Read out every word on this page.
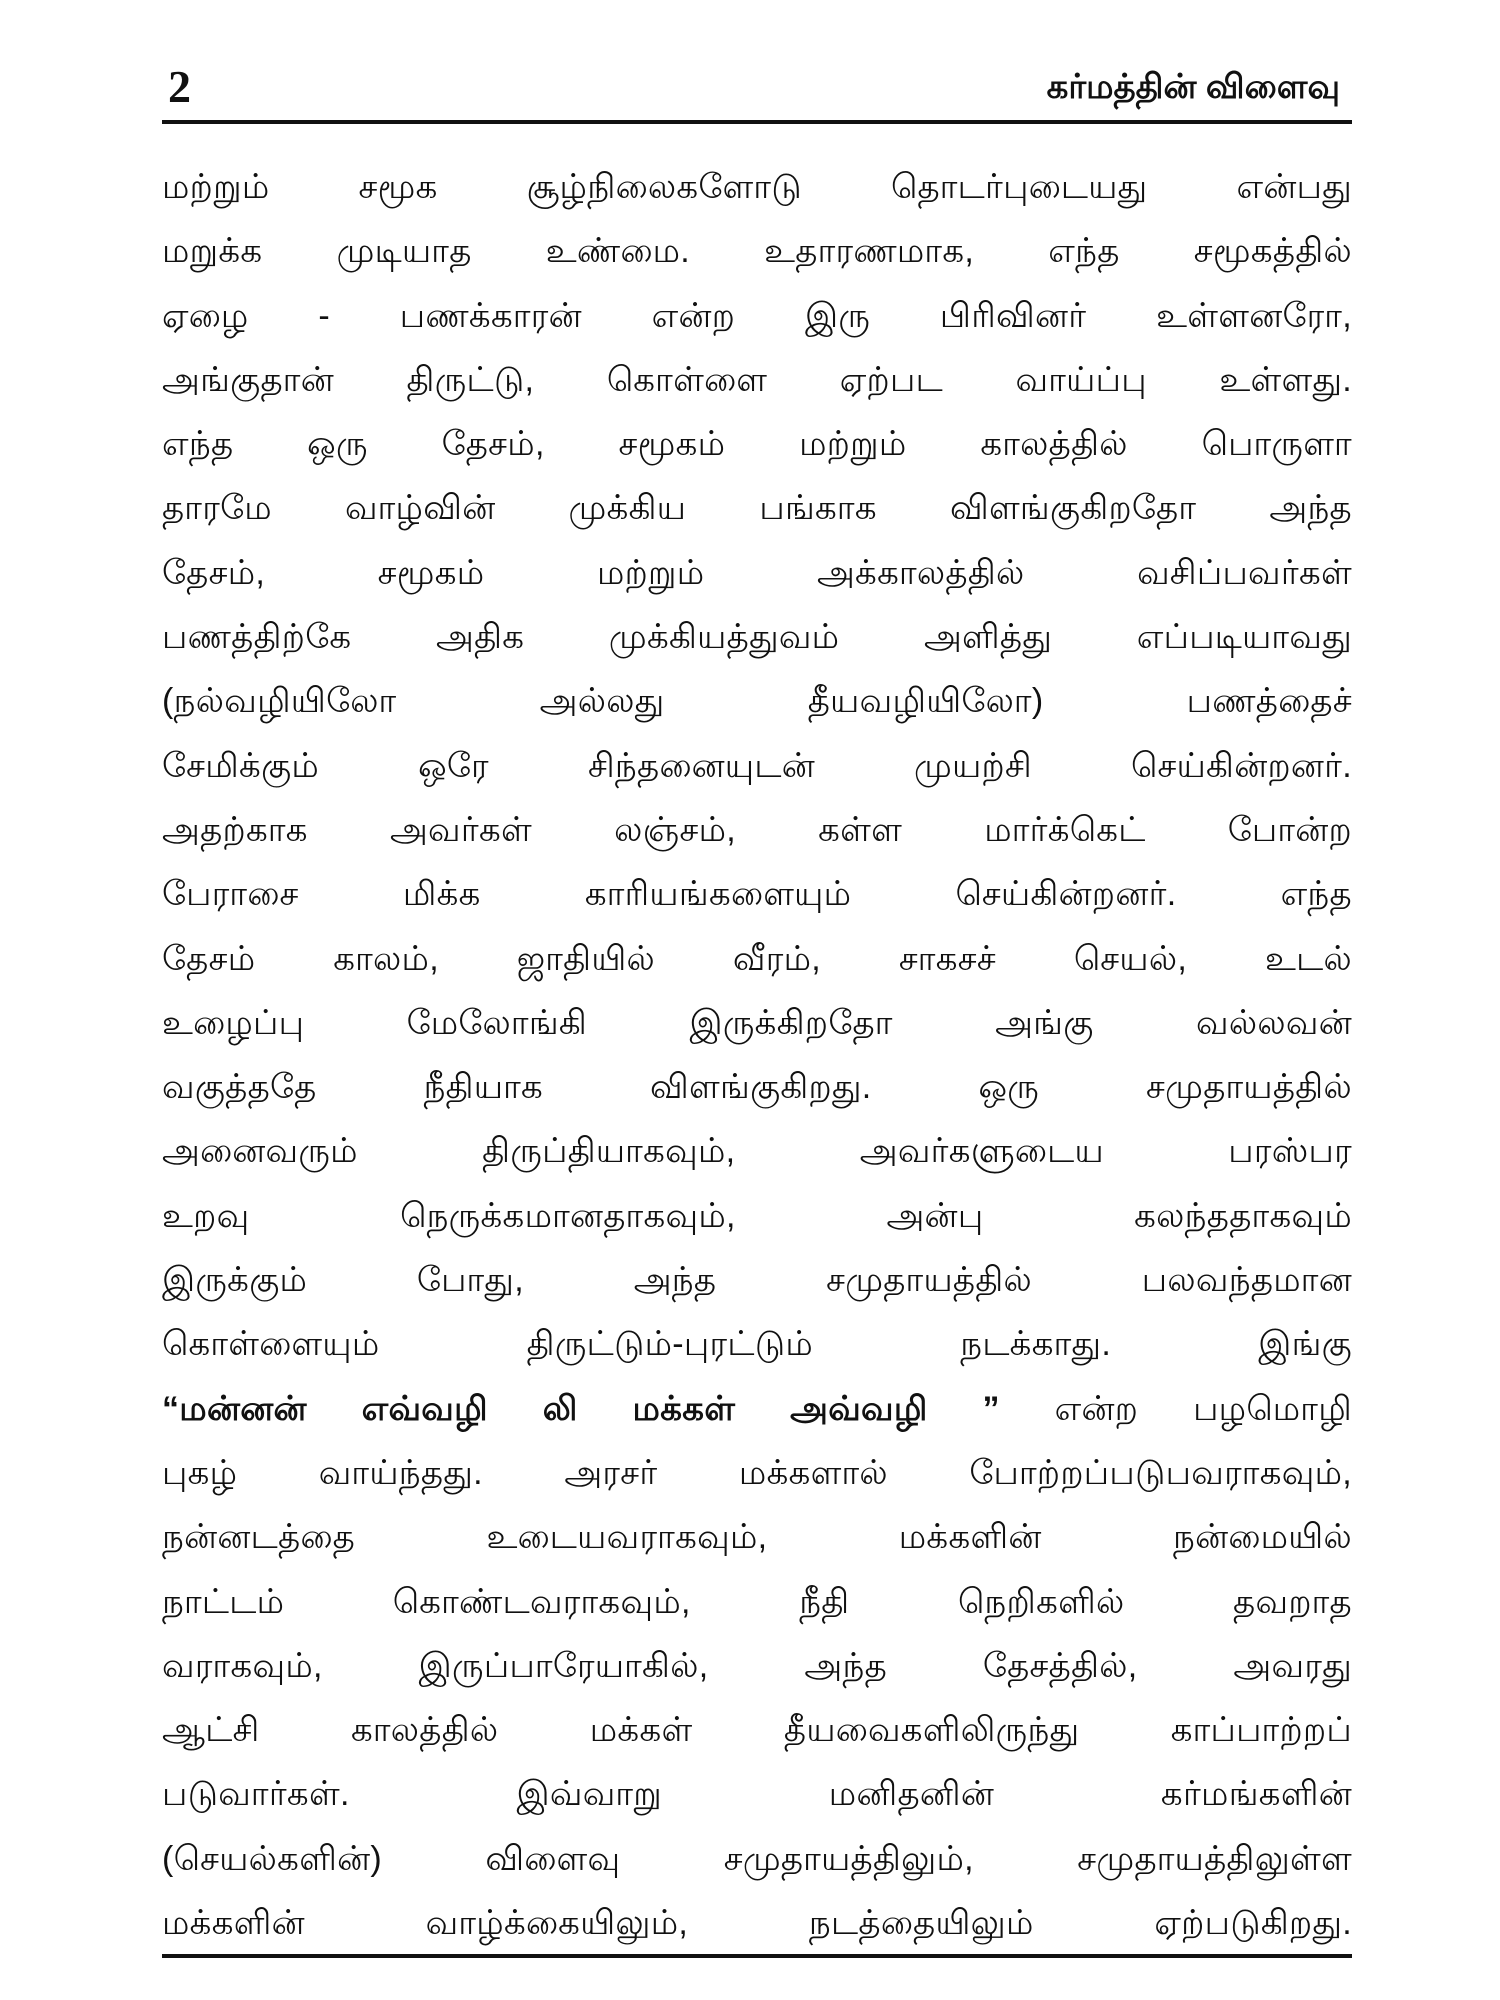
2	கர்மத்தின் விளைவு
மற்றும் சமூக சூழ்நிலைகளோடு தொடர்புடையது என்பது
மறுக்க முடியாத உண்மை. உதாரணமாக, எந்த சமூகத்தில்
ஏழை - பணக்காரன் என்ற இரு பிரிவினர் உள்ளனரோ,
அங்குதான் திருட்டு, கொள்ளை ஏற்பட வாய்ப்பு உள்ளது.
எந்த ஒரு தேசம், சமூகம் மற்றும் காலத்தில் பொருளா
தாரமே வாழ்வின் முக்கிய பங்காக விளங்குகிறதோ அந்த
தேசம், சமூகம் மற்றும் அக்காலத்தில் வசிப்பவர்கள்
பணத்திற்கே அதிக முக்கியத்துவம் அளித்து எப்படியாவது
(நல்வழியிலோ அல்லது தீயவழியிலோ) பணத்தைச்
சேமிக்கும் ஒரே சிந்தனையுடன் முயற்சி செய்கின்றனர்.
அதற்காக அவர்கள் லஞ்சம், கள்ள மார்க்கெட் போன்ற
பேராசை மிக்க காரியங்களையும் செய்கின்றனர். எந்த
தேசம் காலம், ஜாதியில் வீரம், சாகசச் செயல், உடல்
உழைப்பு மேலோங்கி இருக்கிறதோ அங்கு வல்லவன்
வகுத்ததே நீதியாக விளங்குகிறது. ஒரு சமுதாயத்தில்
அனைவரும் திருப்தியாகவும், அவர்களுடைய பரஸ்பர
உறவு நெருக்கமானதாகவும், அன்பு கலந்ததாகவும்
இருக்கும் போது, அந்த சமுதாயத்தில் பலவந்தமான
கொள்ளையும் திருட்டும்-புரட்டும் நடக்காது. இங்கு
“மன்னன் எவ்வழி லி மக்கள் அவ்வழி ” என்ற பழமொழி
புகழ் வாய்ந்தது. அரசர் மக்களால் போற்றப்படுபவராகவும்,
நன்னடத்தை உடையவராகவும், மக்களின் நன்மையில்
நாட்டம் கொண்டவராகவும், நீதி நெறிகளில் தவறாத
வராகவும், இருப்பாரேயாகில், அந்த தேசத்தில், அவரது
ஆட்சி காலத்தில் மக்கள் தீயவைகளிலிருந்து காப்பாற்றப்
படுவார்கள். இவ்வாறு மனிதனின் கர்மங்களின்
(செயல்களின்) விளைவு சமுதாயத்திலும், சமுதாயத்திலுள்ள
மக்களின் வாழ்க்கையிலும், நடத்தையிலும் ஏற்படுகிறது.
